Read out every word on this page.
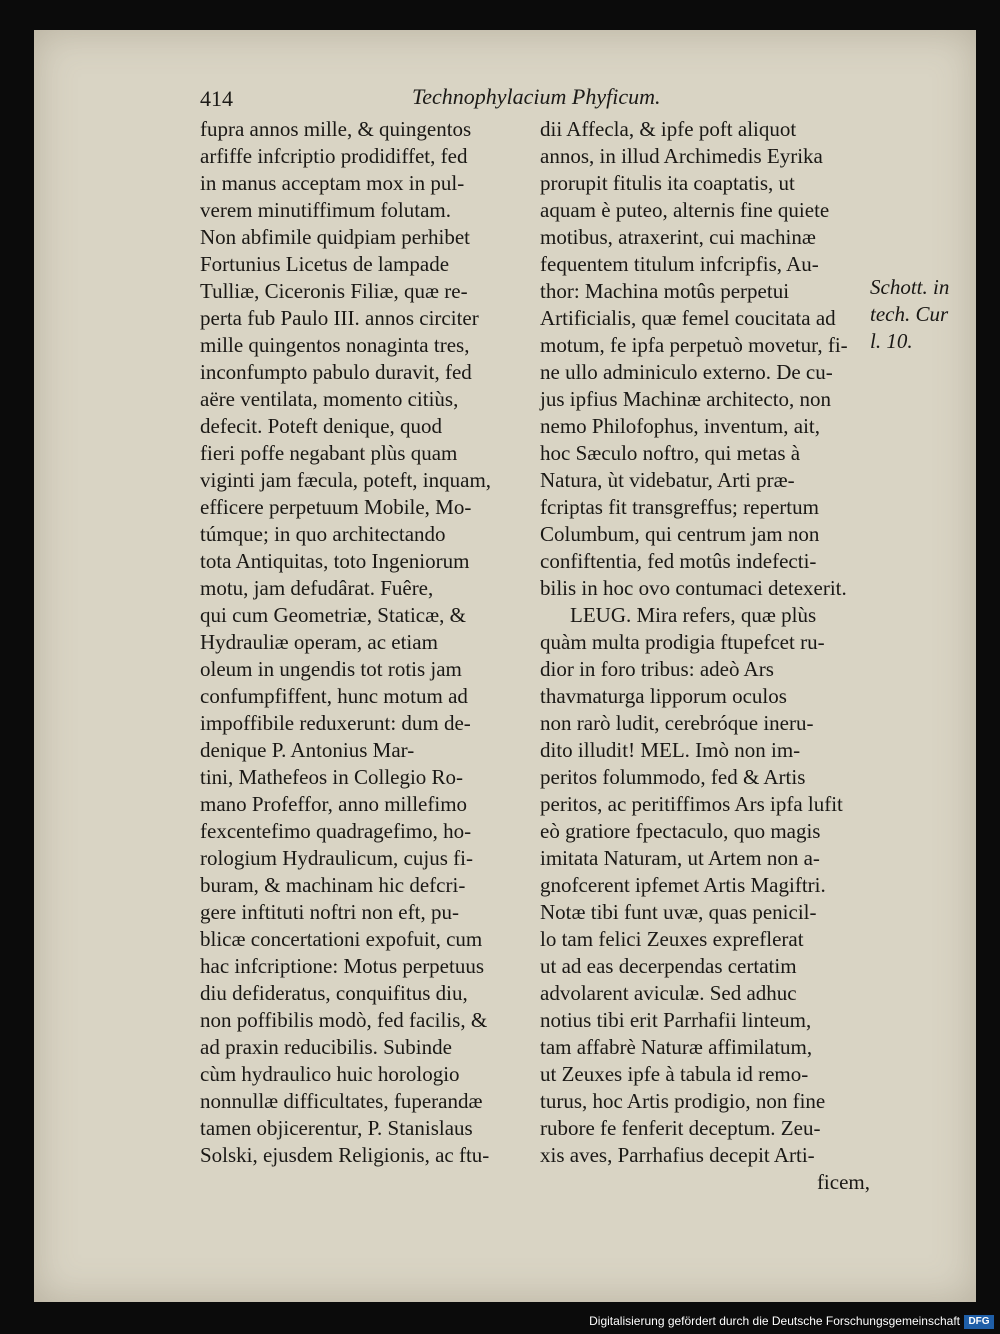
414	Technophylacium Phyficum.
fupra annos mille, & quingentos
arfiffe infcriptio prodidiffet, fed
in manus acceptam mox in pul-
verem minutiffimum folutam.
Non abfimile quidpiam perhibet
Fortunius Licetus de lampade
Tulliæ, Ciceronis Filiæ, quæ re-
perta fub Paulo III. annos circiter
mille quingentos nonaginta tres,
inconfumpto pabulo duravit, fed
aëre ventilata, momento citiùs,
defecit. Poteft denique, quod
fieri poffe negabant plùs quam
viginti jam fæcula, poteft, inquam,
efficere perpetuum Mobile, Mo-
túmque; in quo architectando
tota Antiquitas, toto Ingeniorum
motu, jam defudârat. Fuêre,
qui cum Geometriæ, Staticæ, &
Hydrauliæ operam, ac etiam
oleum in ungendis tot rotis jam
confumpfiffent, hunc motum ad
impoffibile reduxerunt: dum de-
denique P. Antonius Mar-
tini, Mathefeos in Collegio Ro-
mano Profeffor, anno millefimo
fexcentefimo quadragefimo, ho-
rologium Hydraulicum, cujus fi-
buram, & machinam hic defcri-
gere inftituti noftri non eft, pu-
blicæ concertationi expofuit, cum
hac infcriptione: Motus perpetuus
diu defideratus, conquifitus diu,
non poffibilis modò, fed facilis, &
ad praxin reducibilis. Subinde
cùm hydraulico huic horologio
nonnullæ difficultates, fuperandæ
tamen objicerentur, P. Stanislaus
Solski, ejusdem Religionis, ac ftu-
dii Affecla, & ipfe poft aliquot
annos, in illud Archimedis Eyrika
prorupit fitulis ita coaptatis, ut
aquam è puteo, alternis fine quiete
motibus, atraxerint, cui machinæ
fequentem titulum infcripfis, Au-
thor: Machina motûs perpetui
Artificialis, quæ femel coucitata ad
motum, fe ipfa perpetuò movetur, fi-
ne ullo adminiculo externo. De cu-
jus ipfius Machinæ architecto, non
nemo Philofophus, inventum, ait,
hoc Sæculo noftro, qui metas à
Natura, ùt videbatur, Arti præ-
fcriptas fit transgreffus; repertum
Columbum, qui centrum jam non
confiftentia, fed motûs indefecti-
bilis in hoc ovo contumaci detexerit.
LEUG. Mira refers, quæ plùs
quàm multa prodigia ftupefcet ru-
dior in foro tribus: adeò Ars
thavmaturga lipporum oculos
non rarò ludit, cerebróque ineru-
dito illudit! MEL. Imò non im-
peritos folummodo, fed & Artis
peritos, ac peritiffimos Ars ipfa lufit
eò gratiore fpectaculo, quo magis
imitata Naturam, ut Artem non a-
gnofcerent ipfemet Artis Magiftri.
Notæ tibi funt uvæ, quas penicil-
lo tam felici Zeuxes expreflerat
ut ad eas decerpendas certatim
advolarent aviculæ. Sed adhuc
notius tibi erit Parrhafii linteum,
tam affabrè Naturæ affimilatum,
ut Zeuxes ipfe à tabula id remo-
turus, hoc Artis prodigio, non fine
rubore fe fenferit deceptum. Zeu-
xis aves, Parrhafius decepit Arti-
ficem,
Schott. in
tech. Cur
l. 10.
Digitalisierung gefördert durch die Deutsche Forschungsgemeinschaft DFG
